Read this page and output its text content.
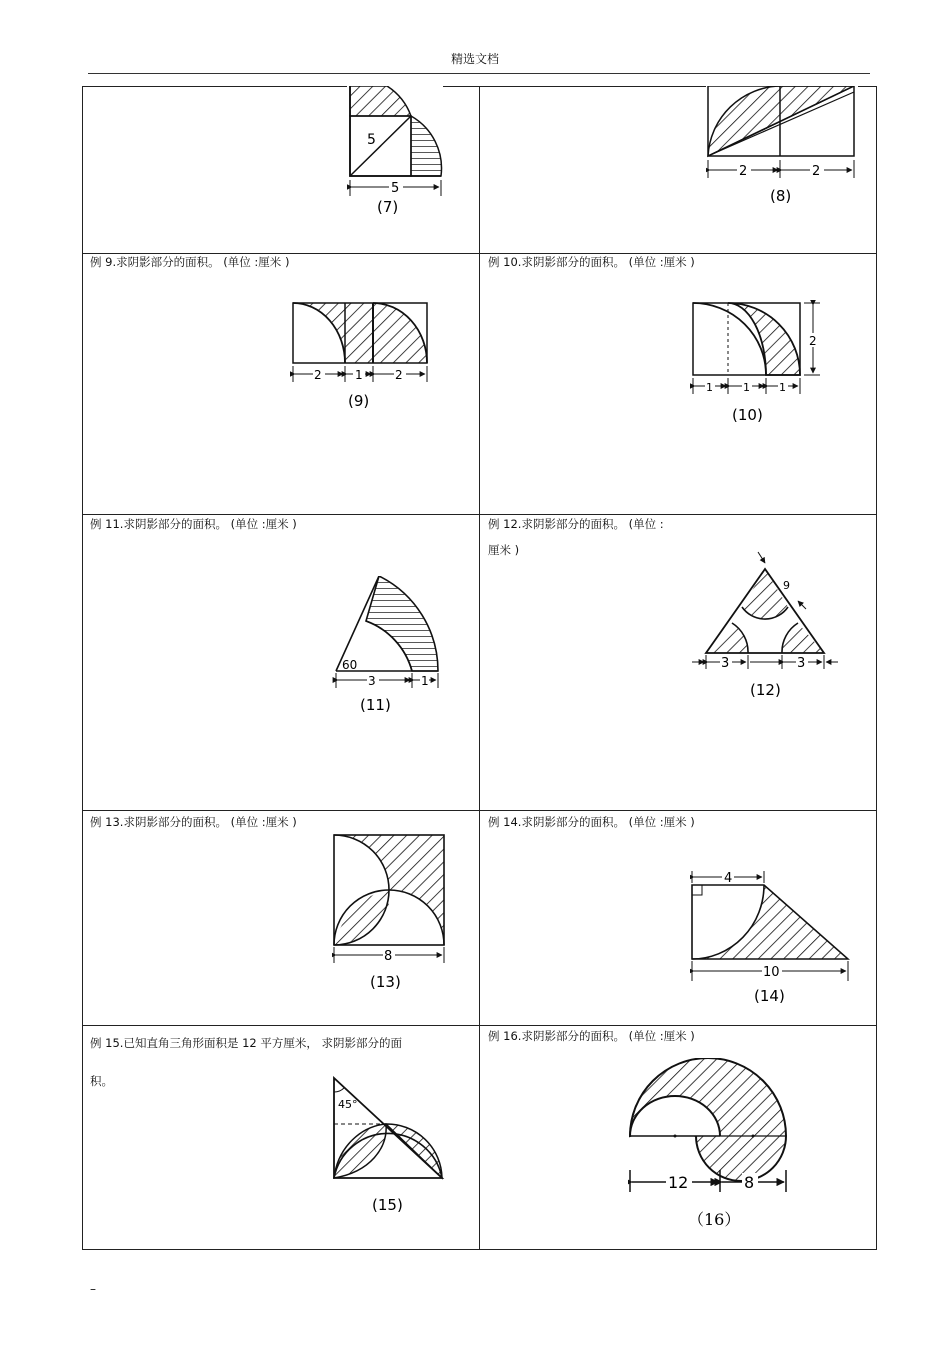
精选文档
例 9.求阴影部分的面积。 (单位 :厘米 )	例 10.求阴影部分的面积。 (单位 :厘米 )
例 11.求阴影部分的面积。 (单位 :厘米 )	例 12.求阴影部分的面积。 (单位 :
厘米 )
例 13.求阴影部分的面积。 (单位 :厘米 )	例 14.求阴影部分的面积。 (单位 :厘米 )
例 15.已知直角三角形面积是 12 平方厘米， 求阴影部分的面
积。
例 16.求阴影部分的面积。 (单位 :厘米 )
5
5
(7)
2	2
(8)
2	1	2
(9)
2
1	1	1
(10)
60
3	1
(11)
9
3	3
(12)
8
(13)
4
10
(14)
45°
(15)
12	8
（16）
–
